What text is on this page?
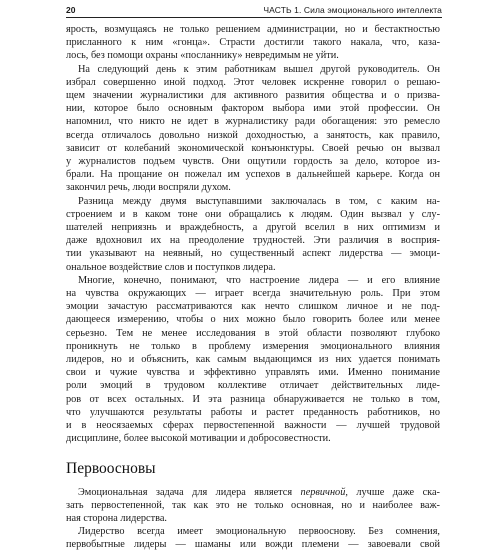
20	ЧАСТЬ 1. Сила эмоционального интеллекта

ярость, возмущаясь не только решением администрации, но и бестактностью
присланного к ним «гонца». Страсти достигли такого накала, что, каза-
лось, без помощи охраны «посланнику» невредимым не уйти.

На следующий день к этим работникам вышел другой руководитель. Он
избрал совершенно иной подход. Этот человек искренне говорил о решаю-
щем значении журналистики для активного развития общества и о призва-
нии, которое было основным фактором выбора ими этой профессии. Он
напомнил, что никто не идет в журналистику ради обогащения: это ремесло
всегда отличалось довольно низкой доходностью, а занятость, как правило,
зависит от колебаний экономической конъюнктуры. Своей речью он вызвал
у журналистов подъем чувств. Они ощутили гордость за дело, которое из-
брали. На прощание он пожелал им успехов в дальнейшей карьере. Когда он
закончил речь, люди воспряли духом.

Разница между двумя выступавшими заключалась в том, с каким на-
строением и в каком тоне они обращались к людям. Один вызвал у слу-
шателей неприязнь и враждебность, а другой вселил в них оптимизм и
даже вдохновил их на преодоление трудностей. Эти различия в восприя-
тии указывают на неявный, но существенный аспект лидерства — эмоци-
ональное воздействие слов и поступков лидера.

Многие, конечно, понимают, что настроение лидера — и его влияние
на чувства окружающих — играет всегда значительную роль. При этом
эмоции зачастую рассматриваются как нечто слишком личное и не под-
дающееся измерению, чтобы о них можно было говорить более или менее
серьезно. Тем не менее исследования в этой области позволяют глубоко
проникнуть не только в проблему измерения эмоционального влияния
лидеров, но и объяснить, как самым выдающимся из них удается понимать
свои и чужие чувства и эффективно управлять ими. Именно понимание
роли эмоций в трудовом коллективе отличает действительных лиде-
ров от всех остальных. И эта разница обнаруживается не только в том,
что улучшаются результаты работы и растет преданность работников, но
и в неосязаемых сферах первостепенной важности — лучшей трудовой
дисциплине, более высокой мотивации и добросовестности.

Первоосновы

Эмоциональная задача для лидера является первичной, лучше даже ска-
зать первостепенной, так как это не только основная, но и наиболее важ-
ная сторона лидерства.

Лидерство всегда имеет эмоциональную первооснову. Без сомнения,
первобытные лидеры — шаманы или вожди племени — завоевали свой
